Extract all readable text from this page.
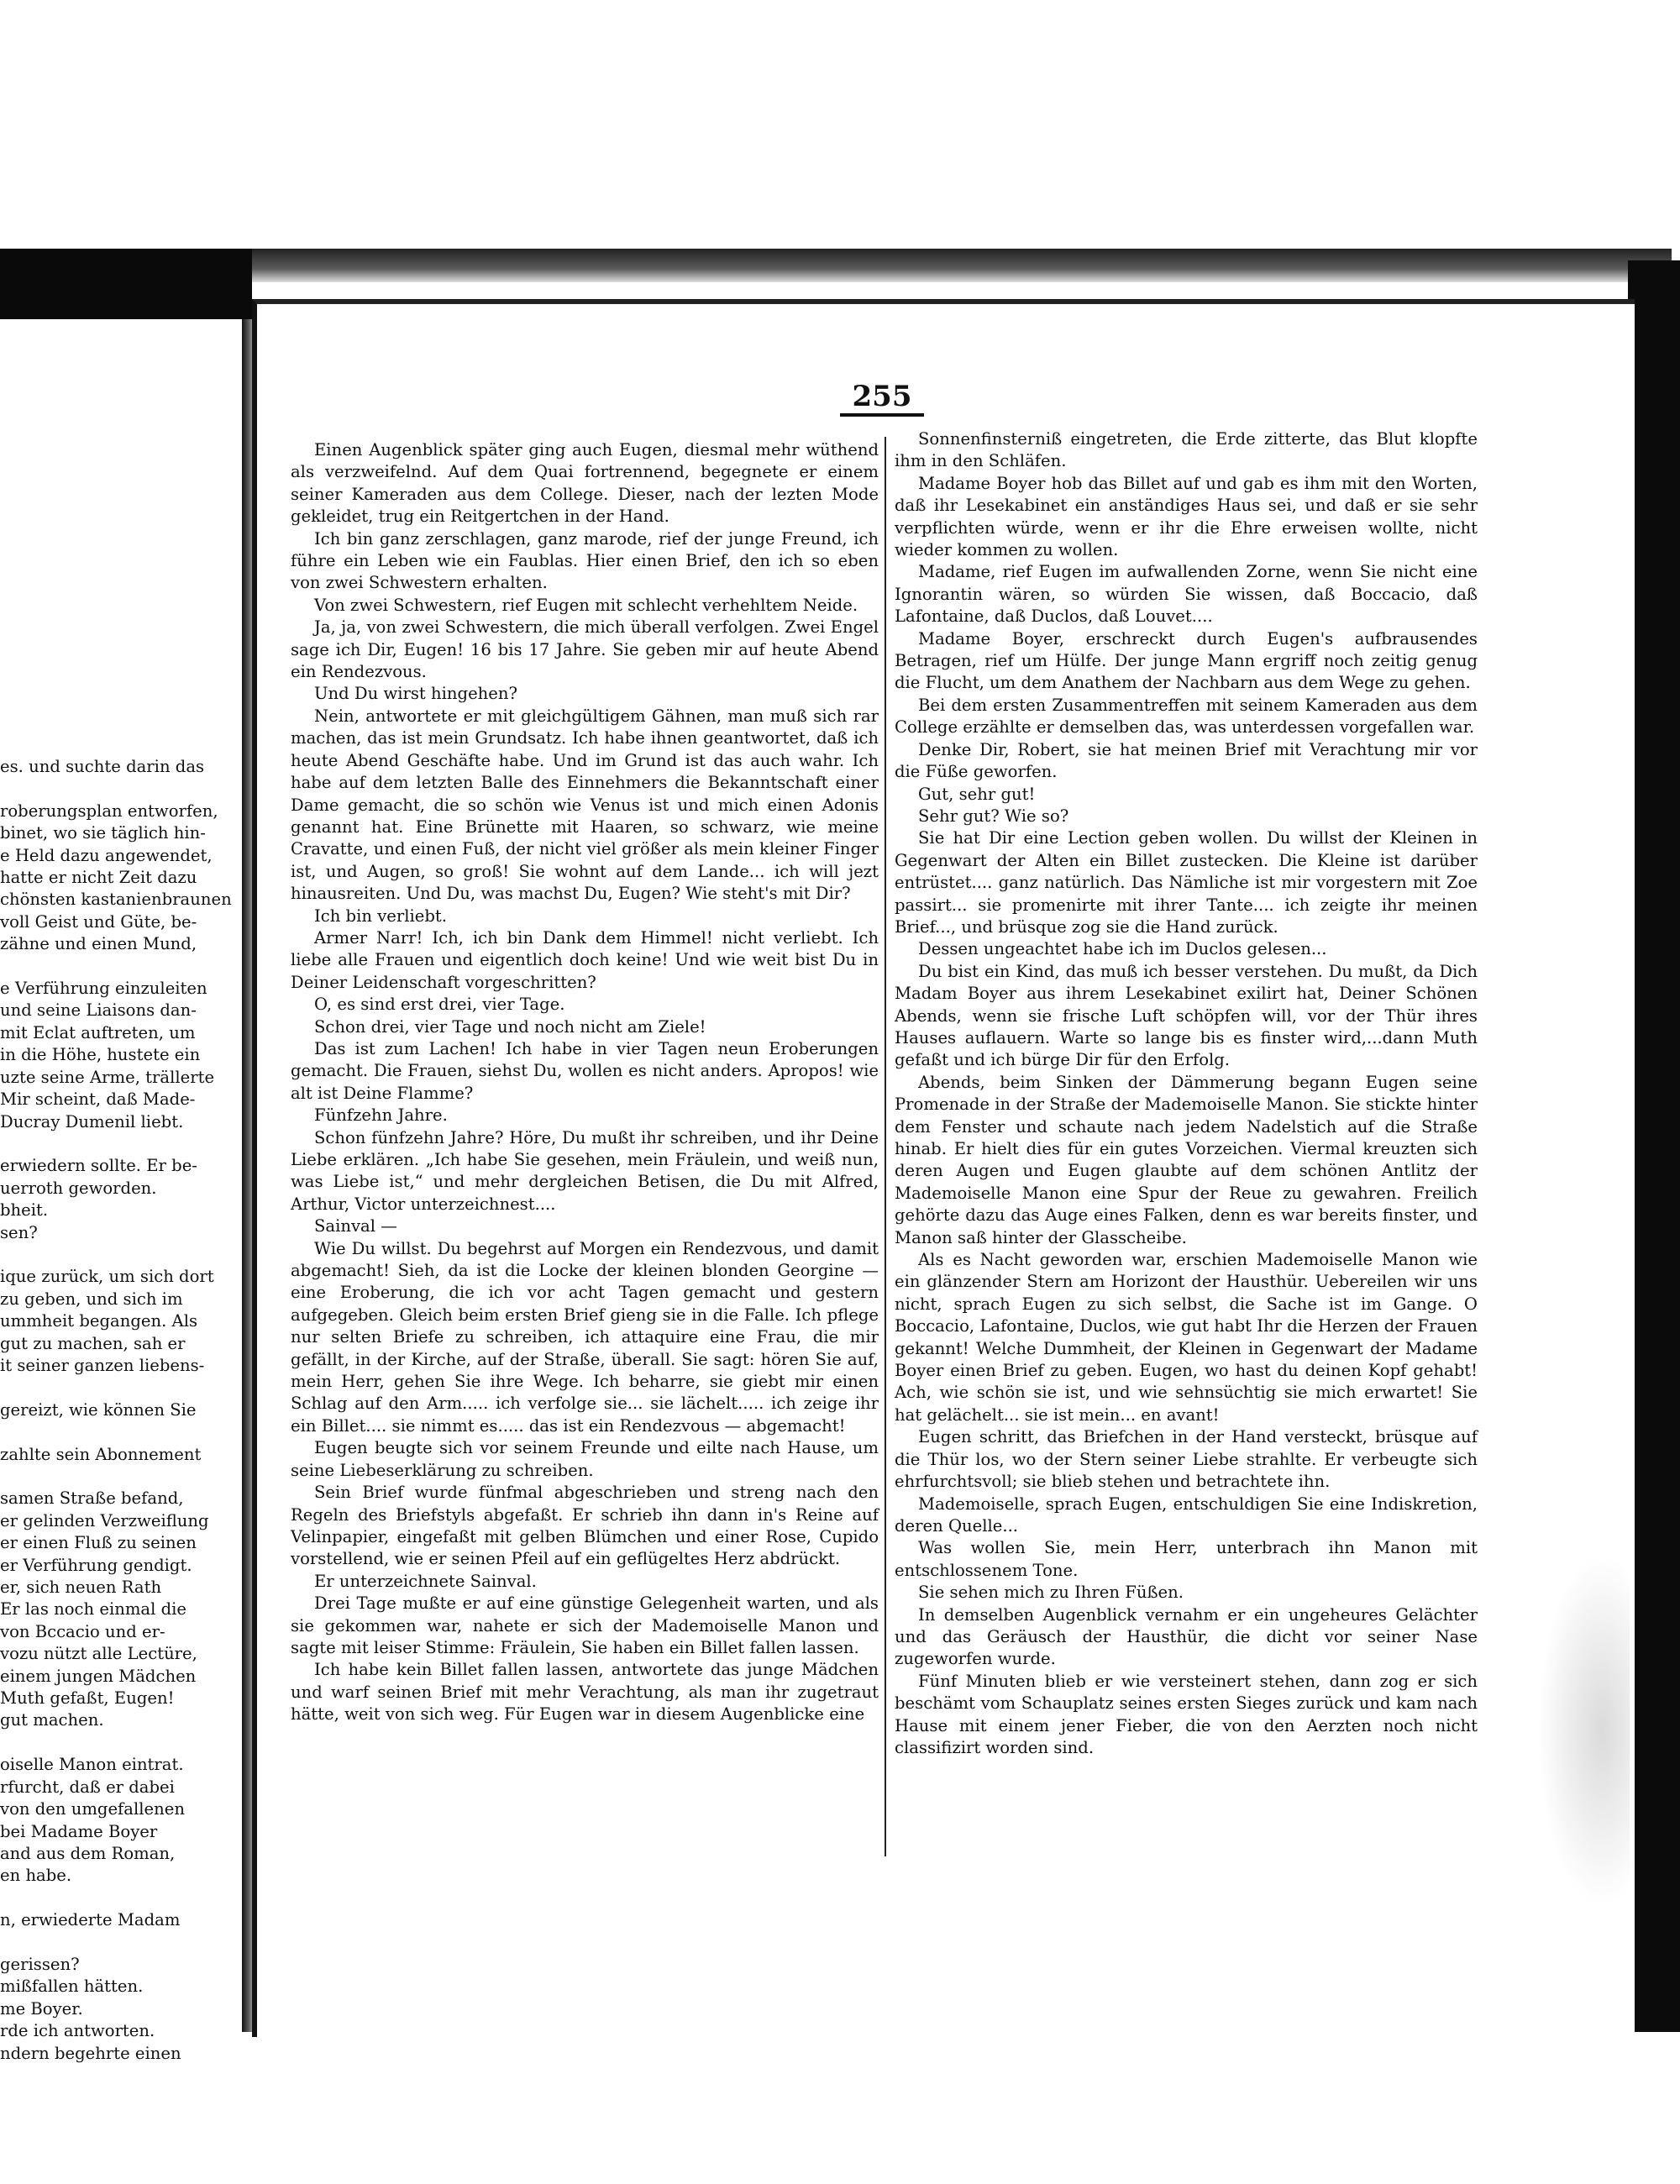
es. und suchte darin das

roberungsplan entworfen,

binet, wo sie täglich hin-

e Held dazu angewendet,

hatte er nicht Zeit dazu

chönsten kastanienbraunen

voll Geist und Güte, be-

zähne und einen Mund,

e Verführung einzuleiten

und seine Liaisons dan-

mit Eclat auftreten, um

in die Höhe, hustete ein

uzte seine Arme, trällerte

Mir scheint, daß Made-

Ducray Dumenil liebt.

erwiedern sollte. Er be-

uerroth geworden.

bheit.

sen?

ique zurück, um sich dort

zu geben, und sich im

ummheit begangen. Als

gut zu machen, sah er

it seiner ganzen liebens-

gereizt, wie können Sie

zahlte sein Abonnement

samen Straße befand,

er gelinden Verzweiflung

er einen Fluß zu seinen

er Verführung gendigt.

er, sich neuen Rath

Er las noch einmal die

von Bccacio und er-

vozu nützt alle Lectüre,

einem jungen Mädchen

Muth gefaßt, Eugen!

gut machen.

oiselle Manon eintrat.

rfurcht, daß er dabei

von den umgefallenen

bei Madame Boyer

and aus dem Roman,

en habe.

n, erwiederte Madam

gerissen?

mißfallen hätten.

me Boyer.

rde ich antworten.

ndern begehrte einen

255

Einen Augenblick später ging auch Eugen, diesmal mehr wüthend als verzweifelnd. Auf dem Quai fortrennend, begegnete er einem seiner Kameraden aus dem College. Dieser, nach der lezten Mode gekleidet, trug ein Reitgertchen in der Hand.

Ich bin ganz zerschlagen, ganz marode, rief der junge Freund, ich führe ein Leben wie ein Faublas. Hier einen Brief, den ich so eben von zwei Schwestern erhalten.

Von zwei Schwestern, rief Eugen mit schlecht verhehltem Neide.

Ja, ja, von zwei Schwestern, die mich überall verfolgen. Zwei Engel sage ich Dir, Eugen! 16 bis 17 Jahre. Sie geben mir auf heute Abend ein Rendezvous.

Und Du wirst hingehen?

Nein, antwortete er mit gleichgültigem Gähnen, man muß sich rar machen, das ist mein Grundsatz. Ich habe ihnen geantwortet, daß ich heute Abend Geschäfte habe. Und im Grund ist das auch wahr. Ich habe auf dem letzten Balle des Einnehmers die Bekanntschaft einer Dame gemacht, die so schön wie Venus ist und mich einen Adonis genannt hat. Eine Brünette mit Haaren, so schwarz, wie meine Cravatte, und einen Fuß, der nicht viel größer als mein kleiner Finger ist, und Augen, so groß! Sie wohnt auf dem Lande... ich will jezt hinausreiten. Und Du, was machst Du, Eugen? Wie steht's mit Dir?

Ich bin verliebt.

Armer Narr! Ich, ich bin Dank dem Himmel! nicht verliebt. Ich liebe alle Frauen und eigentlich doch keine! Und wie weit bist Du in Deiner Leidenschaft vorgeschritten?

O, es sind erst drei, vier Tage.

Schon drei, vier Tage und noch nicht am Ziele!

Das ist zum Lachen! Ich habe in vier Tagen neun Eroberungen gemacht. Die Frauen, siehst Du, wollen es nicht anders. Apropos! wie alt ist Deine Flamme?

Fünfzehn Jahre.

Schon fünfzehn Jahre? Höre, Du mußt ihr schreiben, und ihr Deine Liebe erklären. „Ich habe Sie gesehen, mein Fräulein, und weiß nun, was Liebe ist,“ und mehr dergleichen Betisen, die Du mit Alfred, Arthur, Victor unterzeichnest....

Sainval —

Wie Du willst. Du begehrst auf Morgen ein Rendezvous, und damit abgemacht! Sieh, da ist die Locke der kleinen blonden Georgine — eine Eroberung, die ich vor acht Tagen gemacht und gestern aufgegeben. Gleich beim ersten Brief gieng sie in die Falle. Ich pflege nur selten Briefe zu schreiben, ich attaquire eine Frau, die mir gefällt, in der Kirche, auf der Straße, überall. Sie sagt: hören Sie auf, mein Herr, gehen Sie ihre Wege. Ich beharre, sie giebt mir einen Schlag auf den Arm..... ich verfolge sie... sie lächelt..... ich zeige ihr ein Billet.... sie nimmt es..... das ist ein Rendezvous — abgemacht!

Eugen beugte sich vor seinem Freunde und eilte nach Hause, um seine Liebeserklärung zu schreiben.

Sein Brief wurde fünfmal abgeschrieben und streng nach den Regeln des Briefstyls abgefaßt. Er schrieb ihn dann in's Reine auf Velinpapier, eingefaßt mit gelben Blümchen und einer Rose, Cupido vorstellend, wie er seinen Pfeil auf ein geflügeltes Herz abdrückt.

Er unterzeichnete Sainval.

Drei Tage mußte er auf eine günstige Gelegenheit warten, und als sie gekommen war, nahete er sich der Mademoiselle Manon und sagte mit leiser Stimme: Fräulein, Sie haben ein Billet fallen lassen.

Ich habe kein Billet fallen lassen, antwortete das junge Mädchen und warf seinen Brief mit mehr Verachtung, als man ihr zugetraut hätte, weit von sich weg. Für Eugen war in diesem Augenblicke eine

Sonnenfinsterniß eingetreten, die Erde zitterte, das Blut klopfte ihm in den Schläfen.

Madame Boyer hob das Billet auf und gab es ihm mit den Worten, daß ihr Lesekabinet ein anständiges Haus sei, und daß er sie sehr verpflichten würde, wenn er ihr die Ehre erweisen wollte, nicht wieder kommen zu wollen.

Madame, rief Eugen im aufwallenden Zorne, wenn Sie nicht eine Ignorantin wären, so würden Sie wissen, daß Boccacio, daß Lafontaine, daß Duclos, daß Louvet....

Madame Boyer, erschreckt durch Eugen's aufbrausendes Betragen, rief um Hülfe. Der junge Mann ergriff noch zeitig genug die Flucht, um dem Anathem der Nachbarn aus dem Wege zu gehen.

Bei dem ersten Zusammentreffen mit seinem Kameraden aus dem College erzählte er demselben das, was unterdessen vorgefallen war.

Denke Dir, Robert, sie hat meinen Brief mit Verachtung mir vor die Füße geworfen.

Gut, sehr gut!

Sehr gut? Wie so?

Sie hat Dir eine Lection geben wollen. Du willst der Kleinen in Gegenwart der Alten ein Billet zustecken. Die Kleine ist darüber entrüstet.... ganz natürlich. Das Nämliche ist mir vorgestern mit Zoe passirt... sie promenirte mit ihrer Tante.... ich zeigte ihr meinen Brief..., und brüsque zog sie die Hand zurück.

Dessen ungeachtet habe ich im Duclos gelesen...

Du bist ein Kind, das muß ich besser verstehen. Du mußt, da Dich Madam Boyer aus ihrem Lesekabinet exilirt hat, Deiner Schönen Abends, wenn sie frische Luft schöpfen will, vor der Thür ihres Hauses auflauern. Warte so lange bis es finster wird,...dann Muth gefaßt und ich bürge Dir für den Erfolg.

Abends, beim Sinken der Dämmerung begann Eugen seine Promenade in der Straße der Mademoiselle Manon. Sie stickte hinter dem Fenster und schaute nach jedem Nadelstich auf die Straße hinab. Er hielt dies für ein gutes Vorzeichen. Viermal kreuzten sich deren Augen und Eugen glaubte auf dem schönen Antlitz der Mademoiselle Manon eine Spur der Reue zu gewahren. Freilich gehörte dazu das Auge eines Falken, denn es war bereits finster, und Manon saß hinter der Glasscheibe.

Als es Nacht geworden war, erschien Mademoiselle Manon wie ein glänzender Stern am Horizont der Hausthür. Uebereilen wir uns nicht, sprach Eugen zu sich selbst, die Sache ist im Gange. O Boccacio, Lafontaine, Duclos, wie gut habt Ihr die Herzen der Frauen gekannt! Welche Dummheit, der Kleinen in Gegenwart der Madame Boyer einen Brief zu geben. Eugen, wo hast du deinen Kopf gehabt! Ach, wie schön sie ist, und wie sehnsüchtig sie mich erwartet! Sie hat gelächelt... sie ist mein... en avant!

Eugen schritt, das Briefchen in der Hand versteckt, brüsque auf die Thür los, wo der Stern seiner Liebe strahlte. Er verbeugte sich ehrfurchtsvoll; sie blieb stehen und betrachtete ihn.

Mademoiselle, sprach Eugen, entschuldigen Sie eine Indiskretion, deren Quelle...

Was wollen Sie, mein Herr, unterbrach ihn Manon mit entschlossenem Tone.

Sie sehen mich zu Ihren Füßen.

In demselben Augenblick vernahm er ein ungeheures Gelächter und das Geräusch der Hausthür, die dicht vor seiner Nase zugeworfen wurde.

Fünf Minuten blieb er wie versteinert stehen, dann zog er sich beschämt vom Schauplatz seines ersten Sieges zurück und kam nach Hause mit einem jener Fieber, die von den Aerzten noch nicht classifizirt worden sind.
